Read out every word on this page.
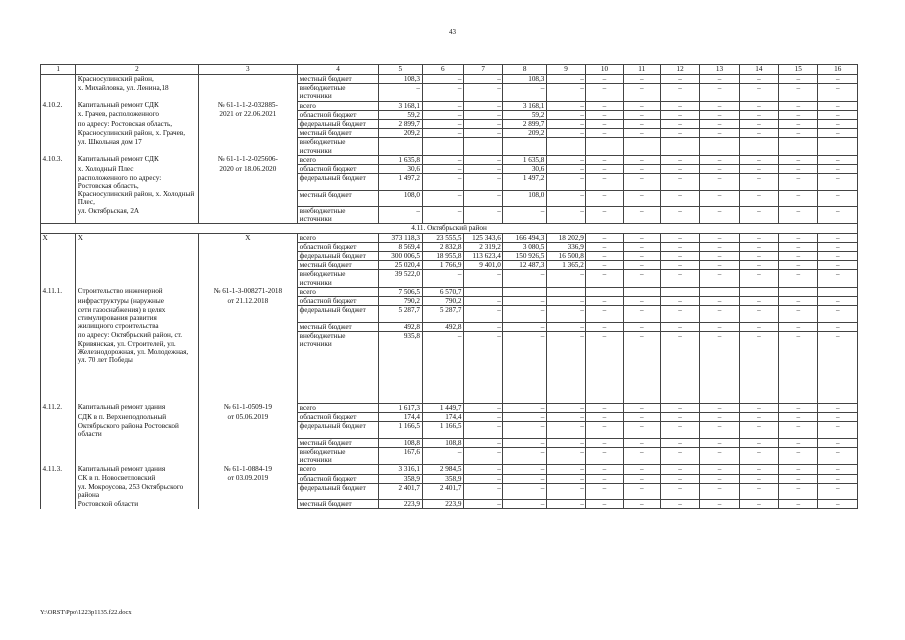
43
1	2	3	4	5	6	7	8	9	10	11	12	13	14	15	16
	Красносулинский район,		местный бюджет	108,3	–	–	108,3	–	–	–	–	–	–	–	–
	х. Михайловка, ул. Ленина,18		внебюджетные источники	–	–	–	–	–	–	–	–	–	–	–	–
4.10.2.	Капитальный ремонт СДК	№ 61-1-1-2-032885-	всего	3 168,1	–	–	3 168,1	–	–	–	–	–	–	–	–
	х. Грачев, расположенного	2021 от 22.06.2021	областной бюджет	59,2	–	–	59,2	–	–	–	–	–	–	–	–
	по адресу: Ростовская область,		федеральный бюджет	2 899,7	–	–	2 899,7	–	–	–	–	–	–	–	–
	Красносулинский район, х. Грачев,		местный бюджет	209,2	–	–	209,2	–	–	–	–	–	–	–	–
	ул. Школьная дом 17		внебюджетные источники												
4.10.3.	Капитальный ремонт СДК	№ 61-1-1-2-025606-	всего	1 635,8	–	–	1 635,8	–	–	–	–	–	–	–	–
	х. Холодный Плес	2020 от 18.06.2020	областной бюджет	30,6	–	–	30,6	–	–	–	–	–	–	–	–
	расположенного по адресу: Ростовская область,		федеральный бюджет	1 497,2	–	–	1 497,2	–	–	–	–	–	–	–	–
	Красносулинский район, х. Холодный Плес,		местный бюджет	108,0	–	–	108,0	–	–	–	–	–	–	–	–
	ул. Октябрьская, 2А		внебюджетные источники	–	–	–	–	–	–	–	–	–	–	–	–
4.11. Октябрьский район															
Х	Х	Х	всего	373 118,3	23 555,5	125 343,6	166 494,3	18 202,9	–	–	–	–	–	–	–
			областной бюджет	8 569,4	2 832,8	2 319,2	3 080,5	336,9	–	–	–	–	–	–	–
			федеральный бюджет	300 006,5	18 955,8	113 623,4	150 926,5	16 500,8	–	–	–	–	–	–	–
			местный бюджет	25 020,4	1 766,9	9 401,0	12 487,3	1 365,2	–	–	–	–	–	–	–
			внебюджетные источники	39 522,0	–	–	–	–	–	–	–	–	–	–	–
4.11.1.	Строительство инженерной	№ 61-1-3-008271-2018	всего	7 506,5	6 570,7										
	инфраструктуры (наружные	от 21.12.2018	областной бюджет	790,2	790,2	–	–	–	–	–	–	–	–	–	–
	сети газоснабжения) в целях стимулирования развития		федеральный бюджет	5 287,7	5 287,7	–	–	–	–	–	–	–	–	–	–
	жилищного строительства		местный бюджет	492,8	492,8	–	–	–	–	–	–	–	–	–	–
	по адресу: Октябрьский район, ст. Кривянская, ул. Строителей, ул. Железнодорожная, ул. Молодежная, ул. 70 лет Победы		внебюджетные источники	935,8	–	–	–	–	–	–	–	–	–	–	–
4.11.2.	Капитальный ремонт здания	№ 61-1-0509-19	всего	1 617,3	1 449,7	–	–	–	–	–	–	–	–	–	–
	СДК в п. Верхнеподпольный	от 05.06.2019	областной бюджет	174,4	174,4	–	–	–	–	–	–	–	–	–	–
	Октябрьского района Ростовской области		федеральный бюджет	1 166,5	1 166,5	–	–	–	–	–	–	–	–	–	–
			местный бюджет	108,8	108,8	–	–	–	–	–	–	–	–	–	–
			внебюджетные источники	167,6	–	–	–	–	–	–	–	–	–	–	–
4.11.3.	Капитальный ремонт здания	№ 61-1-0884-19	всего	3 316,1	2 984,5	–	–	–	–	–	–	–	–	–	–
	СК в п. Новосветловский	от 03.09.2019	областной бюджет	358,9	358,9	–	–	–	–	–	–	–	–	–	–
	ул. Мокроусова, 253 Октябрьского района		федеральный бюджет	2 401,7	2 401,7	–	–	–	–	–	–	–	–	–	–
	Ростовской области		местный бюджет	223,9	223,9	–	–	–	–	–	–	–	–	–	–
Y:\ORST\Ppo\1223p1135.f22.docx
